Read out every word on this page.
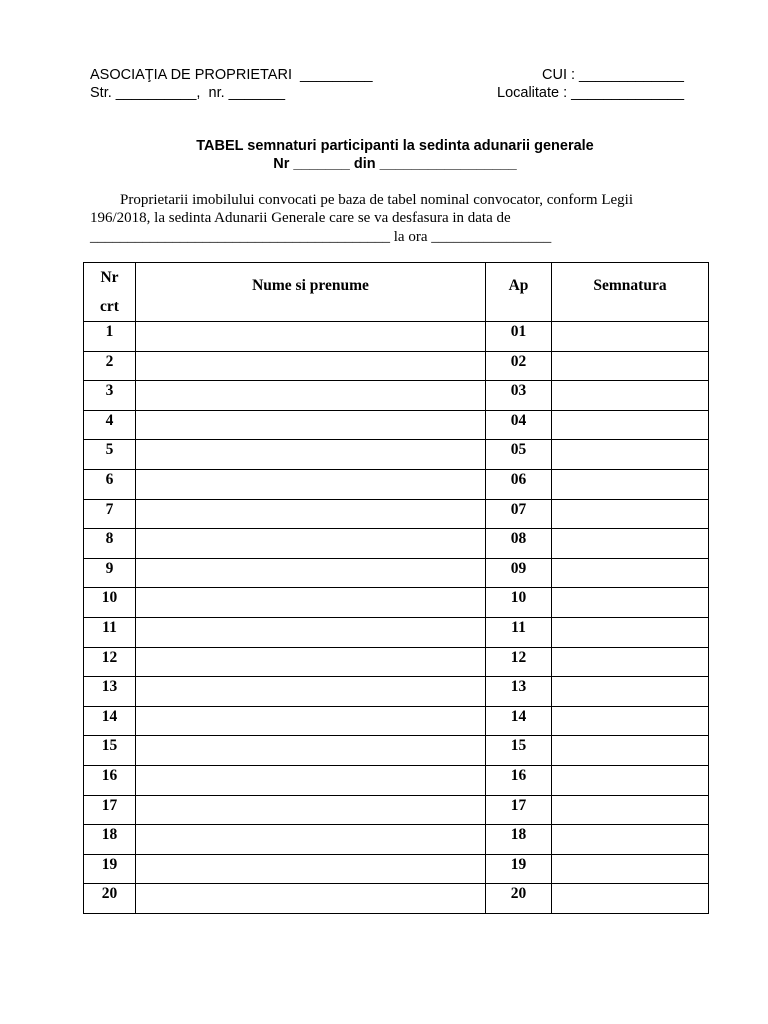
ASOCIAŢIA DE PROPRIETARI  _________
Str. __________,  nr. _______
CUI : _____________
Localitate : ______________
TABEL semnaturi participanti la sedinta adunarii generale
Nr _______ din _________________
Proprietarii imobilului convocati pe baza de tabel nominal convocator, conform Legii
196/2018, la sedinta Adunarii Generale care se va desfasura in data de
________________________________________ la ora ________________
Nr
crt	Nume si prenume	Ap	Semnatura

1		01	
2		02	
3		03	
4		04	
5		05	
6		06	
7		07	
8		08	
9		09	
10		10	
11		11	
12		12	
13		13	
14		14	
15		15	
16		16	
17		17	
18		18	
19		19	
20		20	
